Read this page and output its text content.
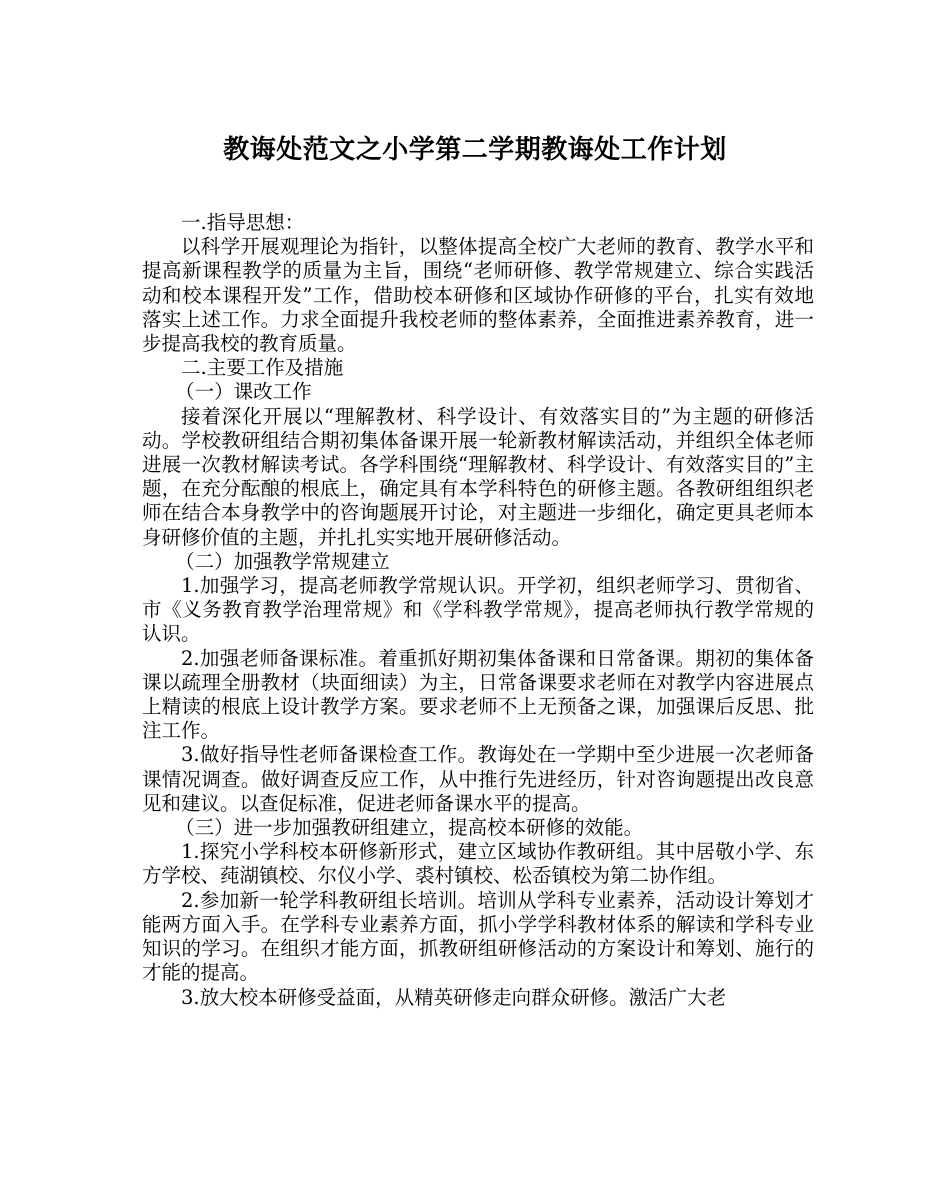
教诲处范文之小学第二学期教诲处工作计划

一.指导思想：

以科学开展观理论为指针，以整体提高全校广大老师的教育、教学水平和提高新课程教学的质量为主旨，围绕“老师研修、教学常规建立、综合实践活动和校本课程开发”工作，借助校本研修和区域协作研修的平台，扎实有效地落实上述工作。力求全面提升我校老师的整体素养，全面推进素养教育，进一步提高我校的教育质量。

二.主要工作及措施

（一）课改工作

接着深化开展以“理解教材、科学设计、有效落实目的”为主题的研修活动。学校教研组结合期初集体备课开展一轮新教材解读活动，并组织全体老师进展一次教材解读考试。各学科围绕“理解教材、科学设计、有效落实目的”主题，在充分酝酿的根底上，确定具有本学科特色的研修主题。各教研组组织老师在结合本身教学中的咨询题展开讨论，对主题进一步细化，确定更具老师本身研修价值的主题，并扎扎实实地开展研修活动。

（二）加强教学常规建立

1.加强学习，提高老师教学常规认识。开学初，组织老师学习、贯彻省、市《义务教育教学治理常规》和《学科教学常规》，提高老师执行教学常规的认识。

2.加强老师备课标准。着重抓好期初集体备课和日常备课。期初的集体备课以疏理全册教材（块面细读）为主，日常备课要求老师在对教学内容进展点上精读的根底上设计教学方案。要求老师不上无预备之课，加强课后反思、批注工作。

3.做好指导性老师备课检查工作。教诲处在一学期中至少进展一次老师备课情况调查。做好调查反应工作，从中推行先进经历，针对咨询题提出改良意见和建议。以查促标准，促进老师备课水平的提高。

（三）进一步加强教研组建立，提高校本研修的效能。

1.探究小学科校本研修新形式，建立区域协作教研组。其中居敬小学、东方学校、莼湖镇校、尔仪小学、裘村镇校、松岙镇校为第二协作组。

2.参加新一轮学科教研组长培训。培训从学科专业素养，活动设计筹划才能两方面入手。在学科专业素养方面，抓小学学科教材体系的解读和学科专业知识的学习。在组织才能方面，抓教研组研修活动的方案设计和筹划、施行的才能的提高。

3.放大校本研修受益面，从精英研修走向群众研修。激活广大老
